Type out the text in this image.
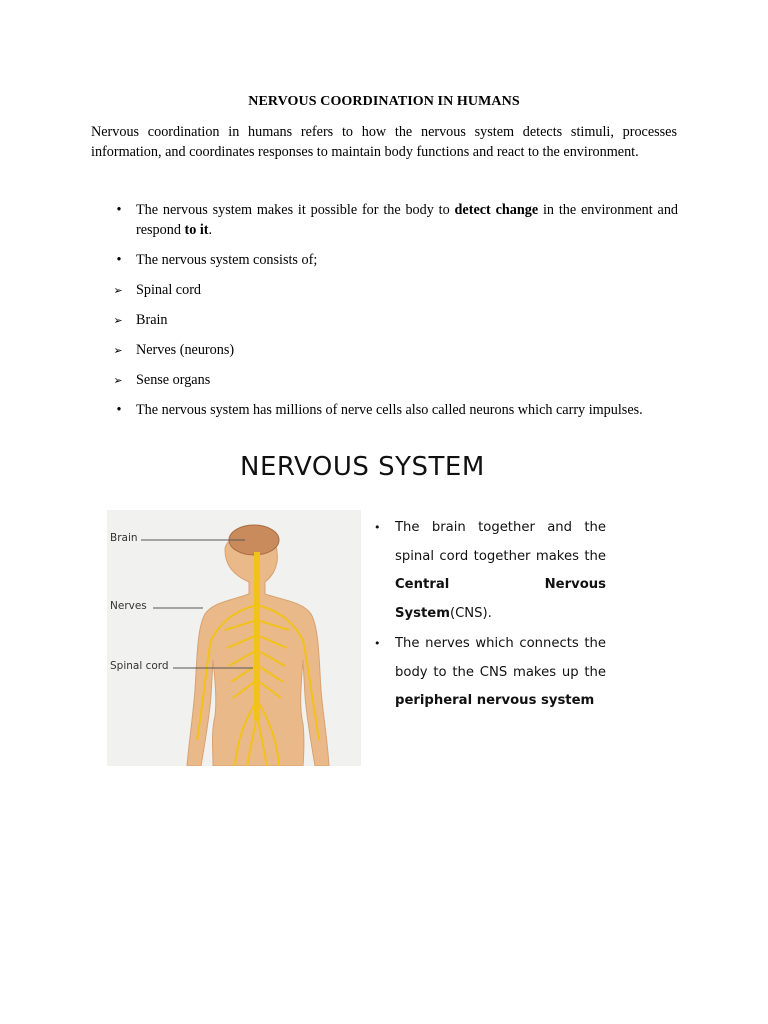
NERVOUS COORDINATION IN HUMANS

Nervous coordination in humans refers to how the nervous system detects stimuli, processes information, and coordinates responses to maintain body functions and react to the environment.

•	The nervous system makes it possible for the body to detect change in the environment and respond to it.
•	The nervous system consists of;
➢ Spinal cord
➢ Brain
➢ Nerves (neurons)
➢ Sense organs
•	The nervous system has millions of nerve cells also called neurons which carry impulses.
NERVOUS SYSTEM
Brain
Nerves
Spinal cord
• The brain together and the spinal cord together makes the Central Nervous System(CNS).
• The nerves which connects the body to the CNS makes up the peripheral nervous system
